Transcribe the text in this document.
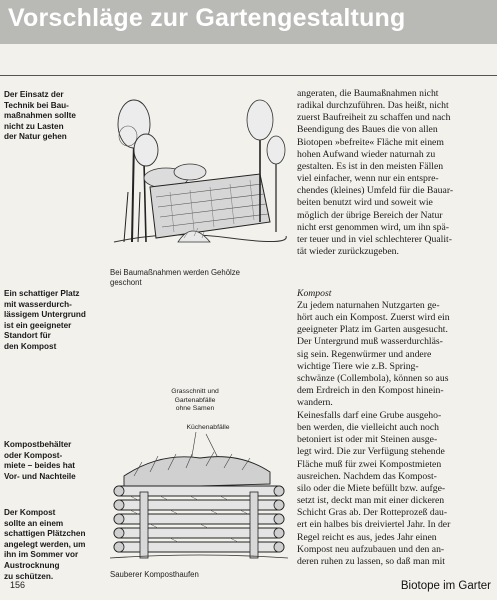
Vorschläge zur Gartengestaltung
Der Einsatz der
Technik bei Bau-
maßnahmen sollte
nicht zu Lasten
der Natur gehen
Ein schattiger Platz
mit wasserdurch-
lässigem Untergrund
ist ein geeigneter
Standort für
den Kompost
Kompostbehälter
oder Kompost-
miete – beides hat
Vor- und Nachteile
Der Kompost
sollte an einem
schattigen Plätzchen
angelegt werden, um
ihn im Sommer vor
Austrocknung
zu schützen.
Bei Baumaßnahmen werden Gehölze
geschont
Grasschnitt und
Gartenabfälle
ohne Samen
Küchenabfälle
Sauberer Komposthaufen
angeraten, die Baumaßnahmen nicht
radikal durchzuführen. Das heißt, nicht
zuerst Baufreiheit zu schaffen und nach
Beendigung des Baues die von allen
Biotopen »befreite« Fläche mit einem
hohen Aufwand wieder naturnah zu
gestalten. Es ist in den meisten Fällen
viel einfacher, wenn nur ein entspre-
chendes (kleines) Umfeld für die Bauar-
beiten benutzt wird und soweit wie
möglich der übrige Bereich der Natur
nicht erst genommen wird, um ihn spä-
ter teuer und in viel schlechterer Qualit-
tät wieder zurückzugeben.
Kompost
Zu jedem naturnahen Nutzgarten ge-
hört auch ein Kompost. Zuerst wird ein
geeigneter Platz im Garten ausgesucht.
Der Untergrund muß wasserdurchläs-
sig sein. Regenwürmer und andere
wichtige Tiere wie z.B. Spring-
schwänze (Collembola), können so aus
dem Erdreich in den Kompost hinein-
wandern.
Keinesfalls darf eine Grube ausgeho-
ben werden, die vielleicht auch noch
betoniert ist oder mit Steinen ausge-
legt wird. Die zur Verfügung stehende
Fläche muß für zwei Kompostmieten
ausreichen. Nachdem das Kompost-
silo oder die Miete befüllt bzw. aufge-
setzt ist, deckt man mit einer dickeren
Schicht Gras ab. Der Rotteprozeß dau-
ert ein halbes bis dreiviertel Jahr. In der
Regel reicht es aus, jedes Jahr einen
Kompost neu aufzubauen und den an-
deren ruhen zu lassen, so daß man mit
156	Biotope im Garter
